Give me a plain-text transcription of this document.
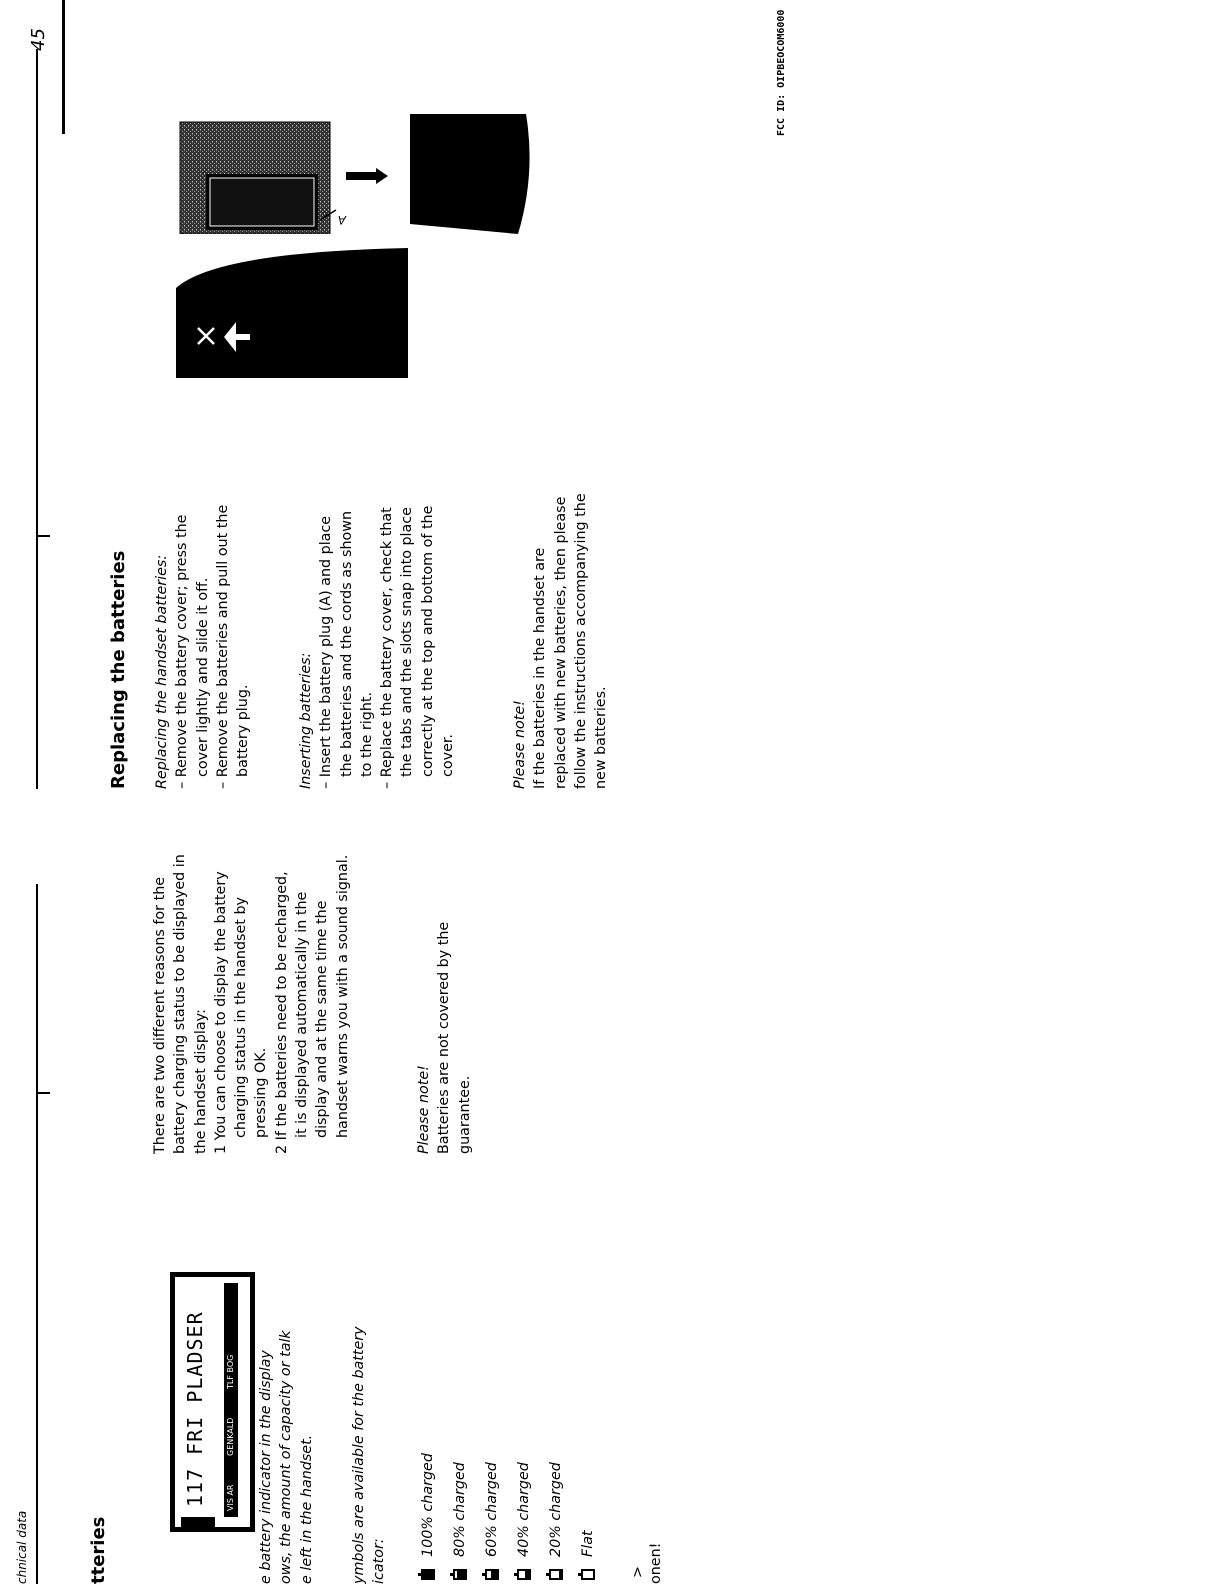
chnical data
45
tteries
117 FRI PLADSER VIS AR GENKALD TLF BOG e battery indicator in the display ows, the amount of capacity or talk e left in the handset.	ymbols are available for the battery icator:
100% charged	80% charged	60% charged	40% charged	20% charged	Flat
> onen!
There are two different reasons for the battery charging status to be displayed in the handset display: 1 You can choose to display the battery charging status in the handset by pressing OK. 2 If the batteries need to be recharged, it is displayed automatically in the display and at the same time the handset warns you with a sound signal.	Please note! Batteries are not covered by the guarantee.
Replacing the batteries Replacing the handset batteries: – Remove the battery cover; press the cover lightly and slide it off. – Remove the batteries and pull out the battery plug.	Inserting batteries: – Insert the battery plug (A) and place the batteries and the cords as shown to the right. – Replace the battery cover, check that the tabs and the slots snap into place correctly at the top and bottom of the cover.	Please note! If the batteries in the handset are replaced with new batteries, then please follow the instructions accompanying the new batteries.
A
FCC ID: OIPBEOCOM6000
